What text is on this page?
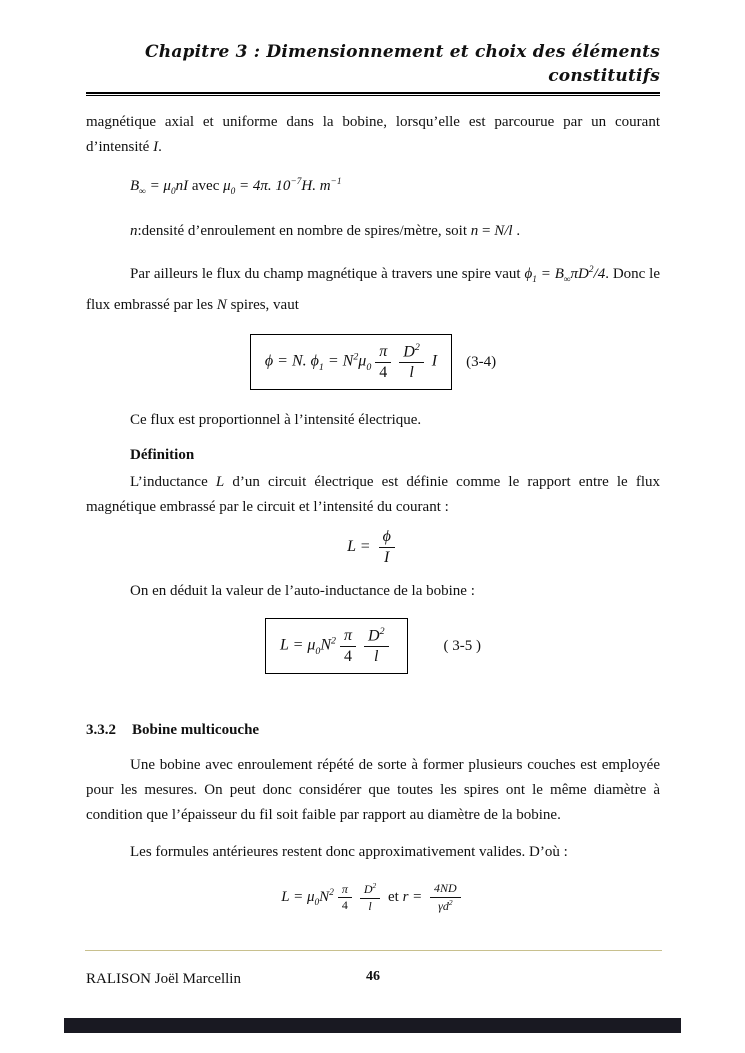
Chapitre 3 : Dimensionnement et choix des éléments constitutifs

magnétique axial et uniforme dans la bobine, lorsqu’elle est parcourue par un courant d’intensité I.

$B_\infty = \mu_0nI$ avec $\mu_0 = 4\pi$. $10^{-7}H$. $m^{-1}$

n:densité d’enroulement en nombre de spires/mètre, soit n = N/l .

Par ailleurs le flux du champ magnétique à travers une spire vaut $\phi_1 = B_\infty\pi D^2/4$. Donc le flux embrassé par les N spires, vaut

ϕ = N. $\phi_1 = N^2\mu_0 \frac{\pi}{4} \frac{D^2}{l}$ I	(3-4)

Ce flux est proportionnel à l’intensité électrique.

Définition

L’inductance L d’un circuit électrique est définie comme le rapport entre le flux magnétique embrassé par le circuit et l’intensité du courant :

$L = \frac{\phi}{I}$

On en déduit la valeur de l’auto-inductance de la bobine :

$L = \mu_0N^2 \frac{\pi}{4} \frac{D^2}{l}$	( 3-5 )

3.3.2 Bobine multicouche

Une bobine avec enroulement répété de sorte à former plusieurs couches est employée pour les mesures. On peut donc considérer que toutes les spires ont le même diamètre à condition que l’épaisseur du fil soit faible par rapport au diamètre de la bobine.

Les formules antérieures restent donc approximativement valides. D’où :

$L = \mu_0N^2 \frac{\pi}{4} \frac{D^2}{l}$ et $r = \frac{4ND}{\gamma d^2}$
RALISON Joël Marcellin	46
